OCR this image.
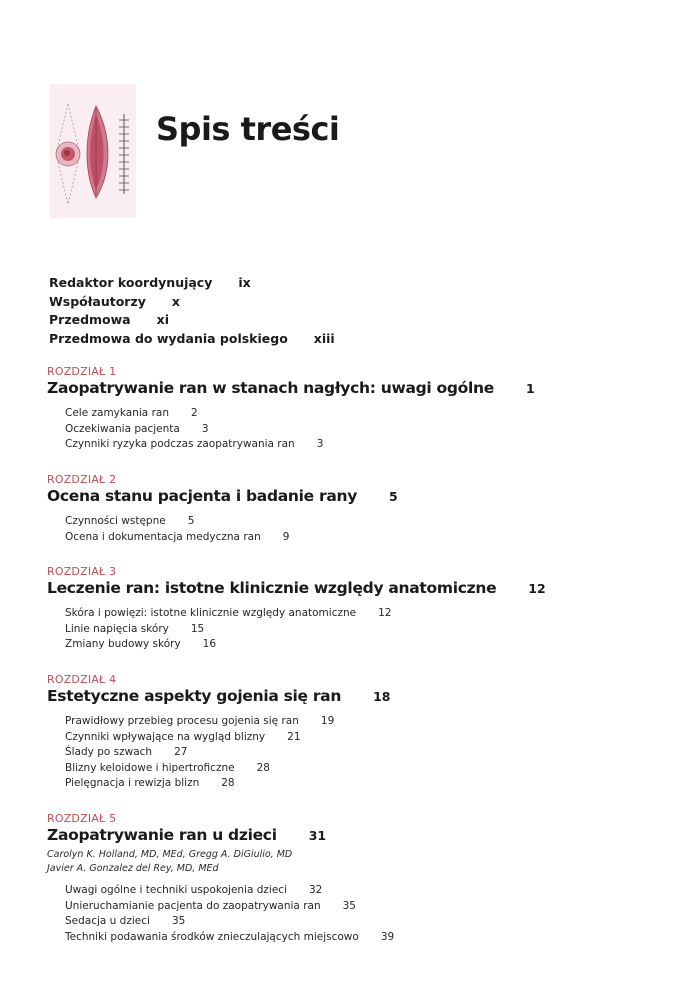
Spis treści
Redaktor koordynujący ix
Współautorzy x
Przedmowa xi
Przedmowa do wydania polskiego xiii
ROZDZIAŁ 1
Zaopatrywanie ran w stanach nagłych: uwagi ogólne	1
Cele zamykania ran 2
Oczekiwania pacjenta 3
Czynniki ryzyka podczas zaopatrywania ran 3
ROZDZIAŁ 2
Ocena stanu pacjenta i badanie rany	5
Czynności wstępne 5
Ocena i dokumentacja medyczna ran 9
ROZDZIAŁ 3
Leczenie ran: istotne klinicznie względy anatomiczne	12
Skóra i powięzi: istotne klinicznie względy anatomiczne 12
Linie napięcia skóry 15
Zmiany budowy skóry 16
ROZDZIAŁ 4
Estetyczne aspekty gojenia się ran	18
Prawidłowy przebieg procesu gojenia się ran 19
Czynniki wpływające na wygląd blizny 21
Ślady po szwach 27
Blizny keloidowe i hipertroficzne 28
Pielęgnacja i rewizja blizn 28
ROZDZIAŁ 5
Zaopatrywanie ran u dzieci	31
Carolyn K. Holland, MD, MEd, Gregg A. DiGiulio, MD
Javier A. Gonzalez del Rey, MD, MEd
Uwagi ogólne i techniki uspokojenia dzieci 32
Unieruchamianie pacjenta do zaopatrywania ran 35
Sedacja u dzieci 35
Techniki podawania środków znieczulających miejscowo 39
